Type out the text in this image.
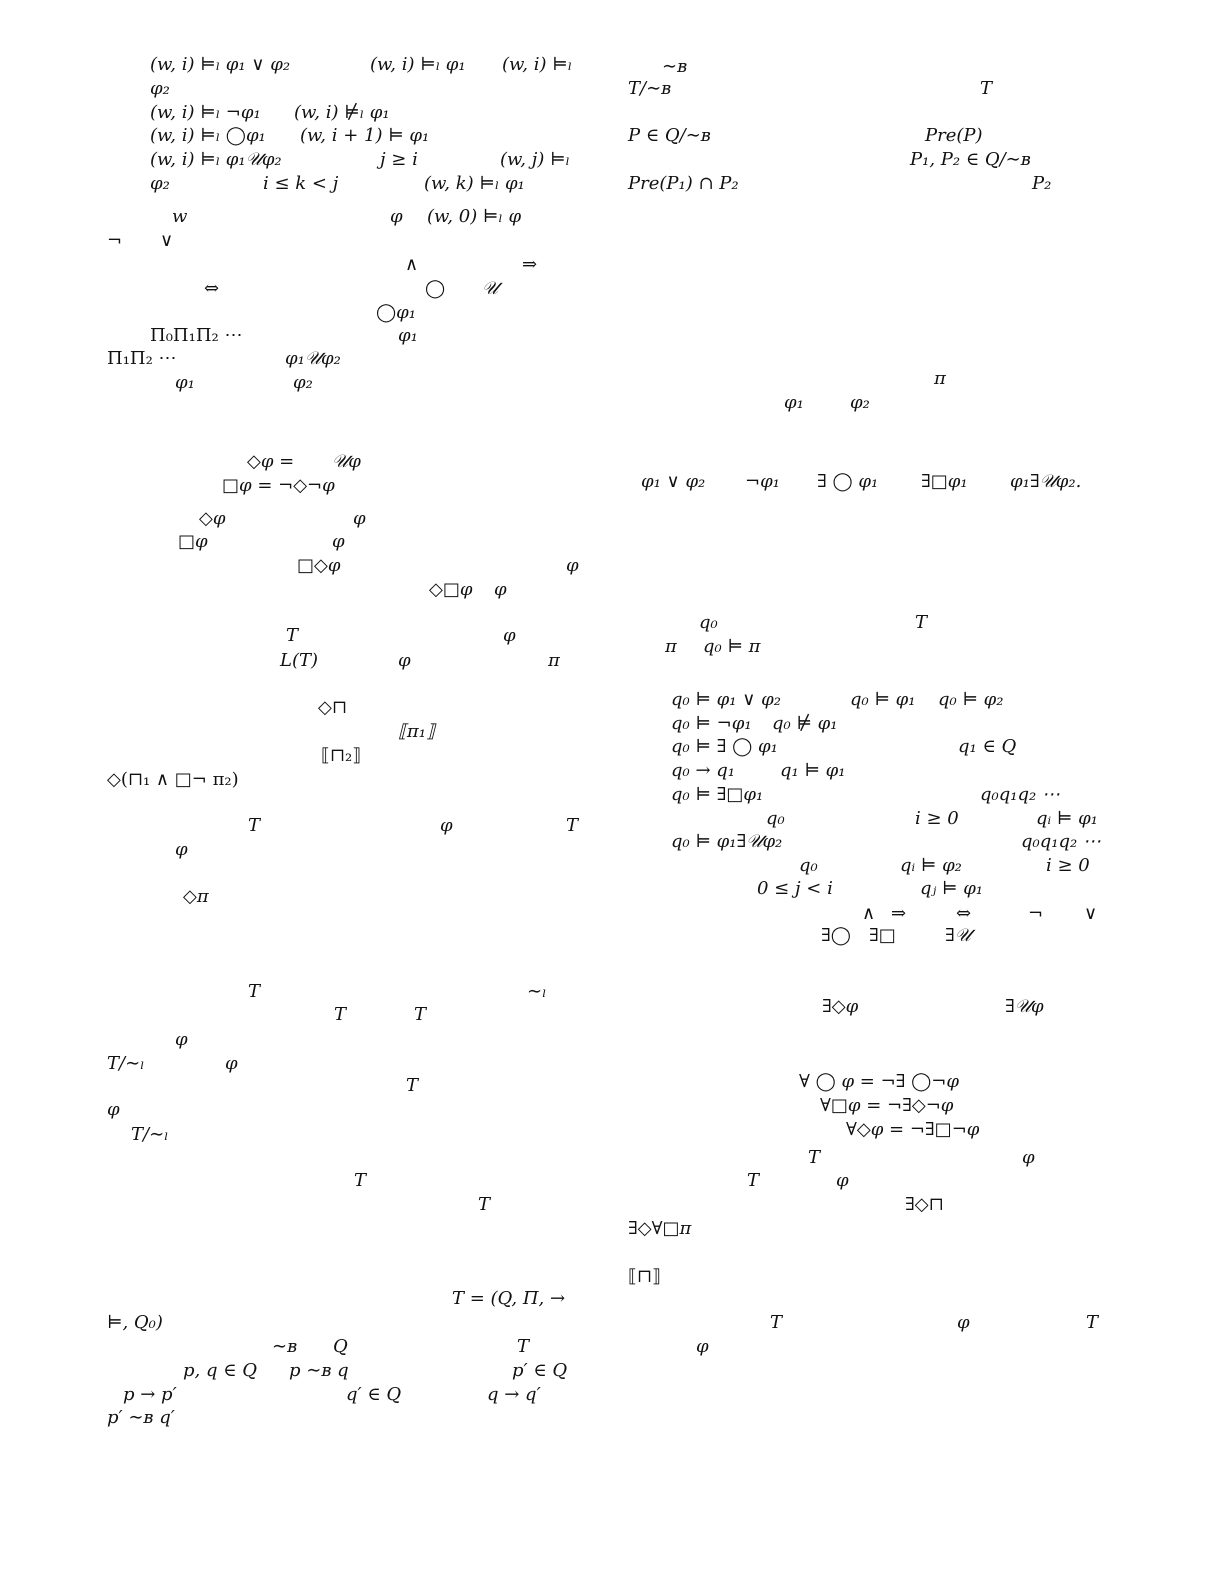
(w, i) ⊨ₗ φ₁ ∨ φ₂	(w, i) ⊨ₗ φ₁ (w, i) ⊨ₗ
φ₂
(w, i) ⊨ₗ ¬φ₁ (w, i) ⊭ₗ φ₁
(w, i) ⊨ₗ ◯φ₁ (w, i + 1) ⊨ φ₁
(w, i) ⊨ₗ φ₁𝒰φ₂	j ≥ i	(w, j) ⊨ₗ
φ₂	i ≤ k < j	(w, k) ⊨ₗ φ₁
w	φ (w, 0) ⊨ₗ φ
¬ ∨
∧	⇒
⇔	◯ 𝒰
◯φ₁
Π₀Π₁Π₂ ⋯	φ₁
Π₁Π₂ ⋯	φ₁𝒰φ₂
φ₁	φ₂
◇φ = 𝒰φ
□φ = ¬◇¬φ
◇φ	φ
□φ	φ
□◇φ	φ
◇□φ φ
T	φ
L(T)	φ	π
◇⊓
⟦π₁⟧
⟦⊓₂⟧
◇(⊓₁ ∧ □¬ π₂)
T	φ	T
φ
◇π
T	∼ₗ
T	T
φ
T/∼ₗ	φ
T
φ
T/∼ₗ
T
T
T = (Q, Π, →
⊨, Q₀)
∼ʙ Q	T
p, q ∈ Q p ∼ʙ q	p′ ∈ Q
p → p′	q′ ∈ Q	q → q′
p′ ∼ʙ q′
∼ʙ
T/∼ʙ	T
P ∈ Q/∼ʙ	Pre(P)
P₁, P₂ ∈ Q/∼ʙ
Pre(P₁) ∩ P₂	P₂
π
φ₁	φ₂
φ₁ ∨ φ₂ ¬φ₁ ∃ ◯ φ₁ ∃□φ₁ φ₁∃𝒰φ₂.
q₀	T
π q₀ ⊨ π
q₀ ⊨ φ₁ ∨ φ₂	q₀ ⊨ φ₁ q₀ ⊨ φ₂
q₀ ⊨ ¬φ₁ q₀ ⊭ φ₁
q₀ ⊨ ∃ ◯ φ₁	q₁ ∈ Q
q₀ → q₁ q₁ ⊨ φ₁
q₀ ⊨ ∃□φ₁	q₀q₁q₂ ⋯
q₀	i ≥ 0	qᵢ ⊨ φ₁
q₀ ⊨ φ₁∃𝒰φ₂	q₀q₁q₂ ⋯
q₀	qᵢ ⊨ φ₂	i ≥ 0
0 ≤ j < i	qⱼ ⊨ φ₁
∧ ⇒	⇔	¬ ∨
∃◯ ∃□	∃𝒰
∃◇φ	∃𝒰φ
∀ ◯ φ = ¬∃ ◯¬φ
∀□φ = ¬∃◇¬φ
∀◇φ = ¬∃□¬φ
T	φ
T	φ
∃◇⊓
∃◇∀□π
⟦⊓⟧
T	φ	T
φ
